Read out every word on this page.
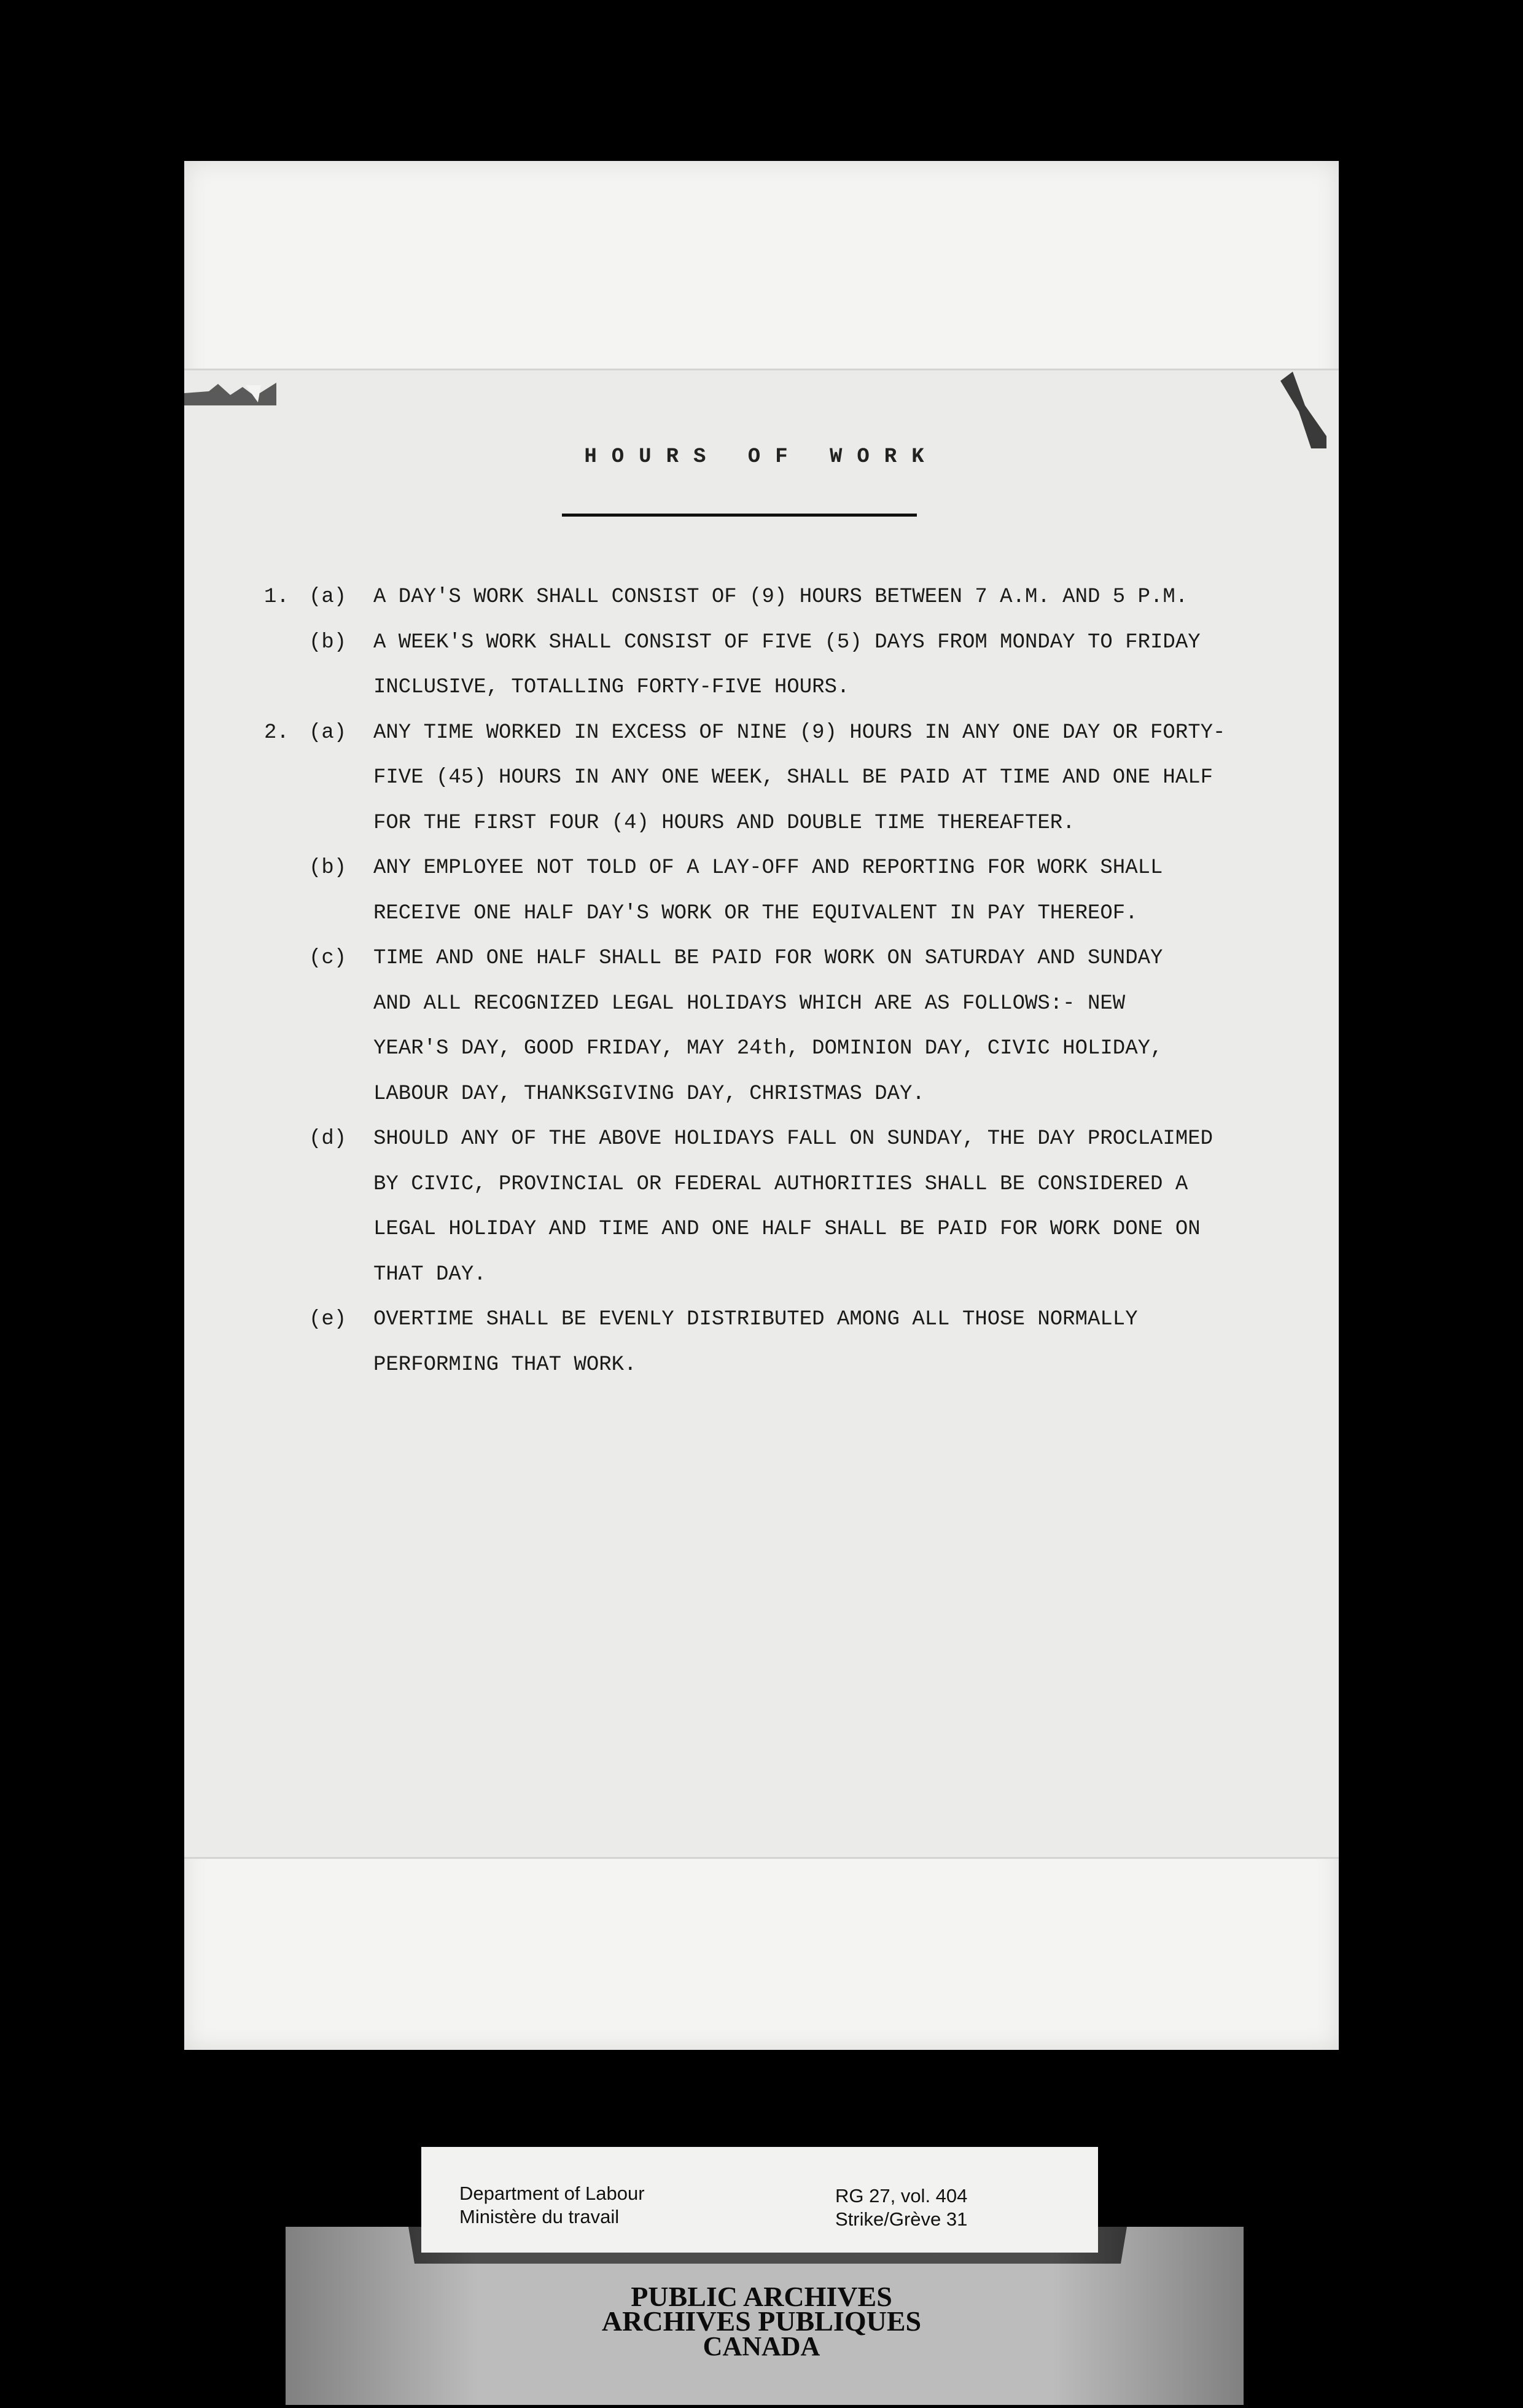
HOURS OF WORK
1. (a) A DAY'S WORK SHALL CONSIST OF (9) HOURS BETWEEN 7 A.M. AND 5 P.M.
(b) A WEEK'S WORK SHALL CONSIST OF FIVE (5) DAYS FROM MONDAY TO FRIDAY
INCLUSIVE, TOTALLING FORTY-FIVE HOURS.
2. (a) ANY TIME WORKED IN EXCESS OF NINE (9) HOURS IN ANY ONE DAY OR FORTY-
FIVE (45) HOURS IN ANY ONE WEEK, SHALL BE PAID AT TIME AND ONE HALF
FOR THE FIRST FOUR (4) HOURS AND DOUBLE TIME THEREAFTER.
(b) ANY EMPLOYEE NOT TOLD OF A LAY-OFF AND REPORTING FOR WORK SHALL
RECEIVE ONE HALF DAY'S WORK OR THE EQUIVALENT IN PAY THEREOF.
(c) TIME AND ONE HALF SHALL BE PAID FOR WORK ON SATURDAY AND SUNDAY
AND ALL RECOGNIZED LEGAL HOLIDAYS WHICH ARE AS FOLLOWS:- NEW
YEAR'S DAY, GOOD FRIDAY, MAY 24th, DOMINION DAY, CIVIC HOLIDAY,
LABOUR DAY, THANKSGIVING DAY, CHRISTMAS DAY.
(d) SHOULD ANY OF THE ABOVE HOLIDAYS FALL ON SUNDAY, THE DAY PROCLAIMED
BY CIVIC, PROVINCIAL OR FEDERAL AUTHORITIES SHALL BE CONSIDERED A
LEGAL HOLIDAY AND TIME AND ONE HALF SHALL BE PAID FOR WORK DONE ON
THAT DAY.
(e) OVERTIME SHALL BE EVENLY DISTRIBUTED AMONG ALL THOSE NORMALLY
PERFORMING THAT WORK.
Department of Labour
Ministère du travail
RG 27, vol. 404
Strike/Grève 31
PUBLIC ARCHIVES
ARCHIVES PUBLIQUES
CANADA
